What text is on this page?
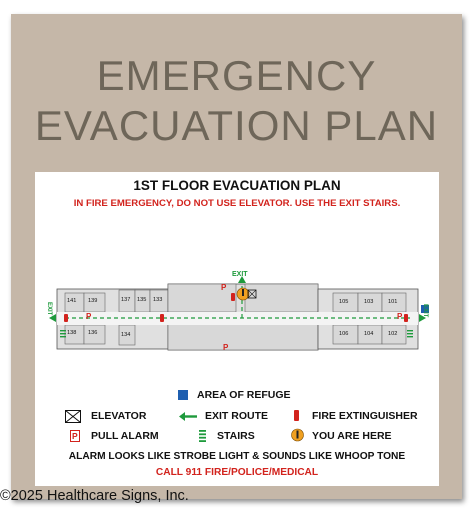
EMERGENCY
EVACUATION PLAN
1ST FLOOR EVACUATION PLAN
IN FIRE EMERGENCY, DO NOT USE ELEVATOR. USE THE EXIT STAIRS.
141 139	137 135 133
138 136	134
105	103	101
106	104	102
EXIT
EXIT	EXIT
P
P
P
P
AREA OF REFUGE
ELEVATOR	EXIT ROUTE	FIRE EXTINGUISHER
P PULL ALARM	STAIRS	YOU ARE HERE
ALARM LOOKS LIKE STROBE LIGHT & SOUNDS LIKE WHOOP TONE
CALL 911 FIRE/POLICE/MEDICAL
©2025 Healthcare Signs, Inc.
